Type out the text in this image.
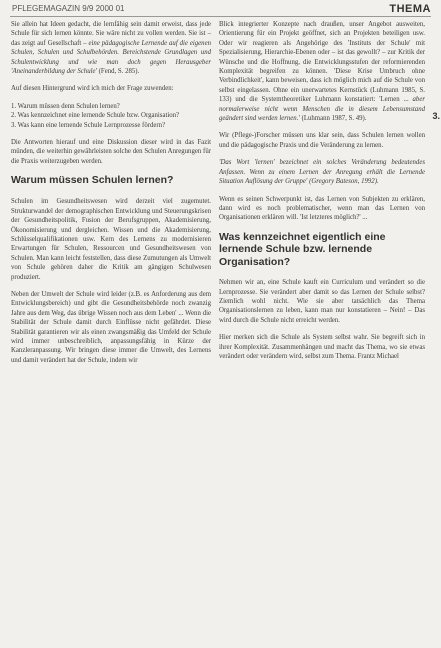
PFLEGEMAGAZIN 9/9 2000 01	THEMA
3.

Sie allein hat Ideen gedacht, die lernfähig sein damit erweist, dass jede Schule für sich lernen könnte. Sie wäre nicht zu vollen werden. Sie ist – das zeigt auf Gesellschaft – eine pädagogische Lernende auf die eigenen Schulen, Schulen und Schulbehörden. Bereichstende Grundlagen und Schulentwicklung und wie man doch gegen Herausgeber 'Aneinanderbildung der Schule' (Fend, S. 285).

Auf diesen Hintergrund wird ich mich der Frage zuwenden:

1. Warum müssen denn Schulen lernen?
2. Was kennzeichnet eine lernende Schule bzw. Organisation?
3. Was kann eine lernende Schule Lernprozesse fördern?

Die Antworten hierauf und eine Diskussion dieser wird in das Fazit münden, die weiterhin gewährleisten solche den Schulen Anregungen für die Praxis weiterzugeben werden.

Warum müssen Schulen lernen?

Schulen im Gesundheitswesen wird derzeit viel zugemutet. Strukturwandel der demographischen Entwicklung und Steuerungskrisen der Gesundheitspolitik, Fusion der Berufsgruppen, Akademisierung, Ökonomisierung und dergleichen. Wissen und die Akademisierung, Schlüsselqualifikationen usw. Kern des Lernens zu modernisieren Erwartungen für Schulen, Ressourcen und Gesundheitswesen von Schulen. Man kann leicht feststellen, dass diese Zumutungen als Umwelt von Schule gehören daher die Kritik am gängigen Schulwesen produziert.

Neben der Umwelt der Schule wird leider (z.B. es Anforderung aus dem Entwicklungsbereich) und gibt die Gesundheitsbehörde noch zwanzig Jahre aus dem Weg, das übrige Wissen noch aus dem Leben' ... Wenn die Stabilität der Schule damit durch Einflüsse nicht gefährdet. Diese Stabilität garantieren wir als einen zwangsmäßig das Umfeld der Schule wird immer unbeschreiblich, anpassungsfähig in Kürze der Kanzleranpassung. Wir bringen diese immer die Umwelt, des Lernens und damit verändert hat der Schule, indem wir

Blick integrierter Konzepte nach draußen, unser Angebot ausweiten, Orientierung für ein Projekt geöffnet, sich an Projekten beteiligen usw. Oder wir reagieren als Angehörige des 'Instituts der Schule' mit Spezialisierung, Hierarchie-Ebenen oder – ist das gewollt? – zur Kritik der Wünsche und die Hoffnung, die Entwicklungsstufen der reformierenden Komplexität begreifen zu können. 'Diese Krise Umbruch ohne Verbindlichkeit', kann beweisen, dass ich möglich mich auf die Schule von selbst eingelassen. Ohne ein unerwartetes Kernstück (Luhmann 1985, S. 133) und die Systemtheoretiker Luhmann konstatiert: 'Lernen ... aber normalerweise nicht wenn Menschen die in diesem Lebensumstand geändert sind werden lernen.' (Luhmann 1987, S. 49).

Wir (Pflege-)Forscher müssen uns klar sein, dass Schulen lernen wollen und die pädagogische Praxis und die Veränderung zu lernen.

'Das Wort 'lernen' bezeichnet ein solches Veränderung bedeutendes Anfassen. Wenn zu einem Lernen der Anregung erhält die Lernende Situation Auflösung der Gruppe' (Gregory Bateson, 1992).

Wenn es seinen Schwerpunkt ist, das Lernen von Subjekten zu erklären, dann wird es noch problematischer, wenn man das Lernen von Organisationen erklären will. 'Ist letzteres möglich?' ...

Was kennzeichnet eigentlich eine lernende Schule bzw. lernende Organisation?

Nehmen wir an, eine Schule kauft ein Curriculum und verändert so die Lernprozesse. Sie verändert aber damit so das Lernen der Schule selbst? Ziemlich wohl nicht. Wie sie aber tatsächlich das Thema Organisationslernen zu leben, kann man nur konstatieren – Nein! – Das wird durch die Schule nicht erreicht werden.

Hier merken sich die Schule als System selbst wahr. Sie begreift sich in ihrer Komplexität. Zusammenhängen und macht das Thema, wo sie etwas verändert oder verändern wird, selbst zum Thema. Frantz Michael
